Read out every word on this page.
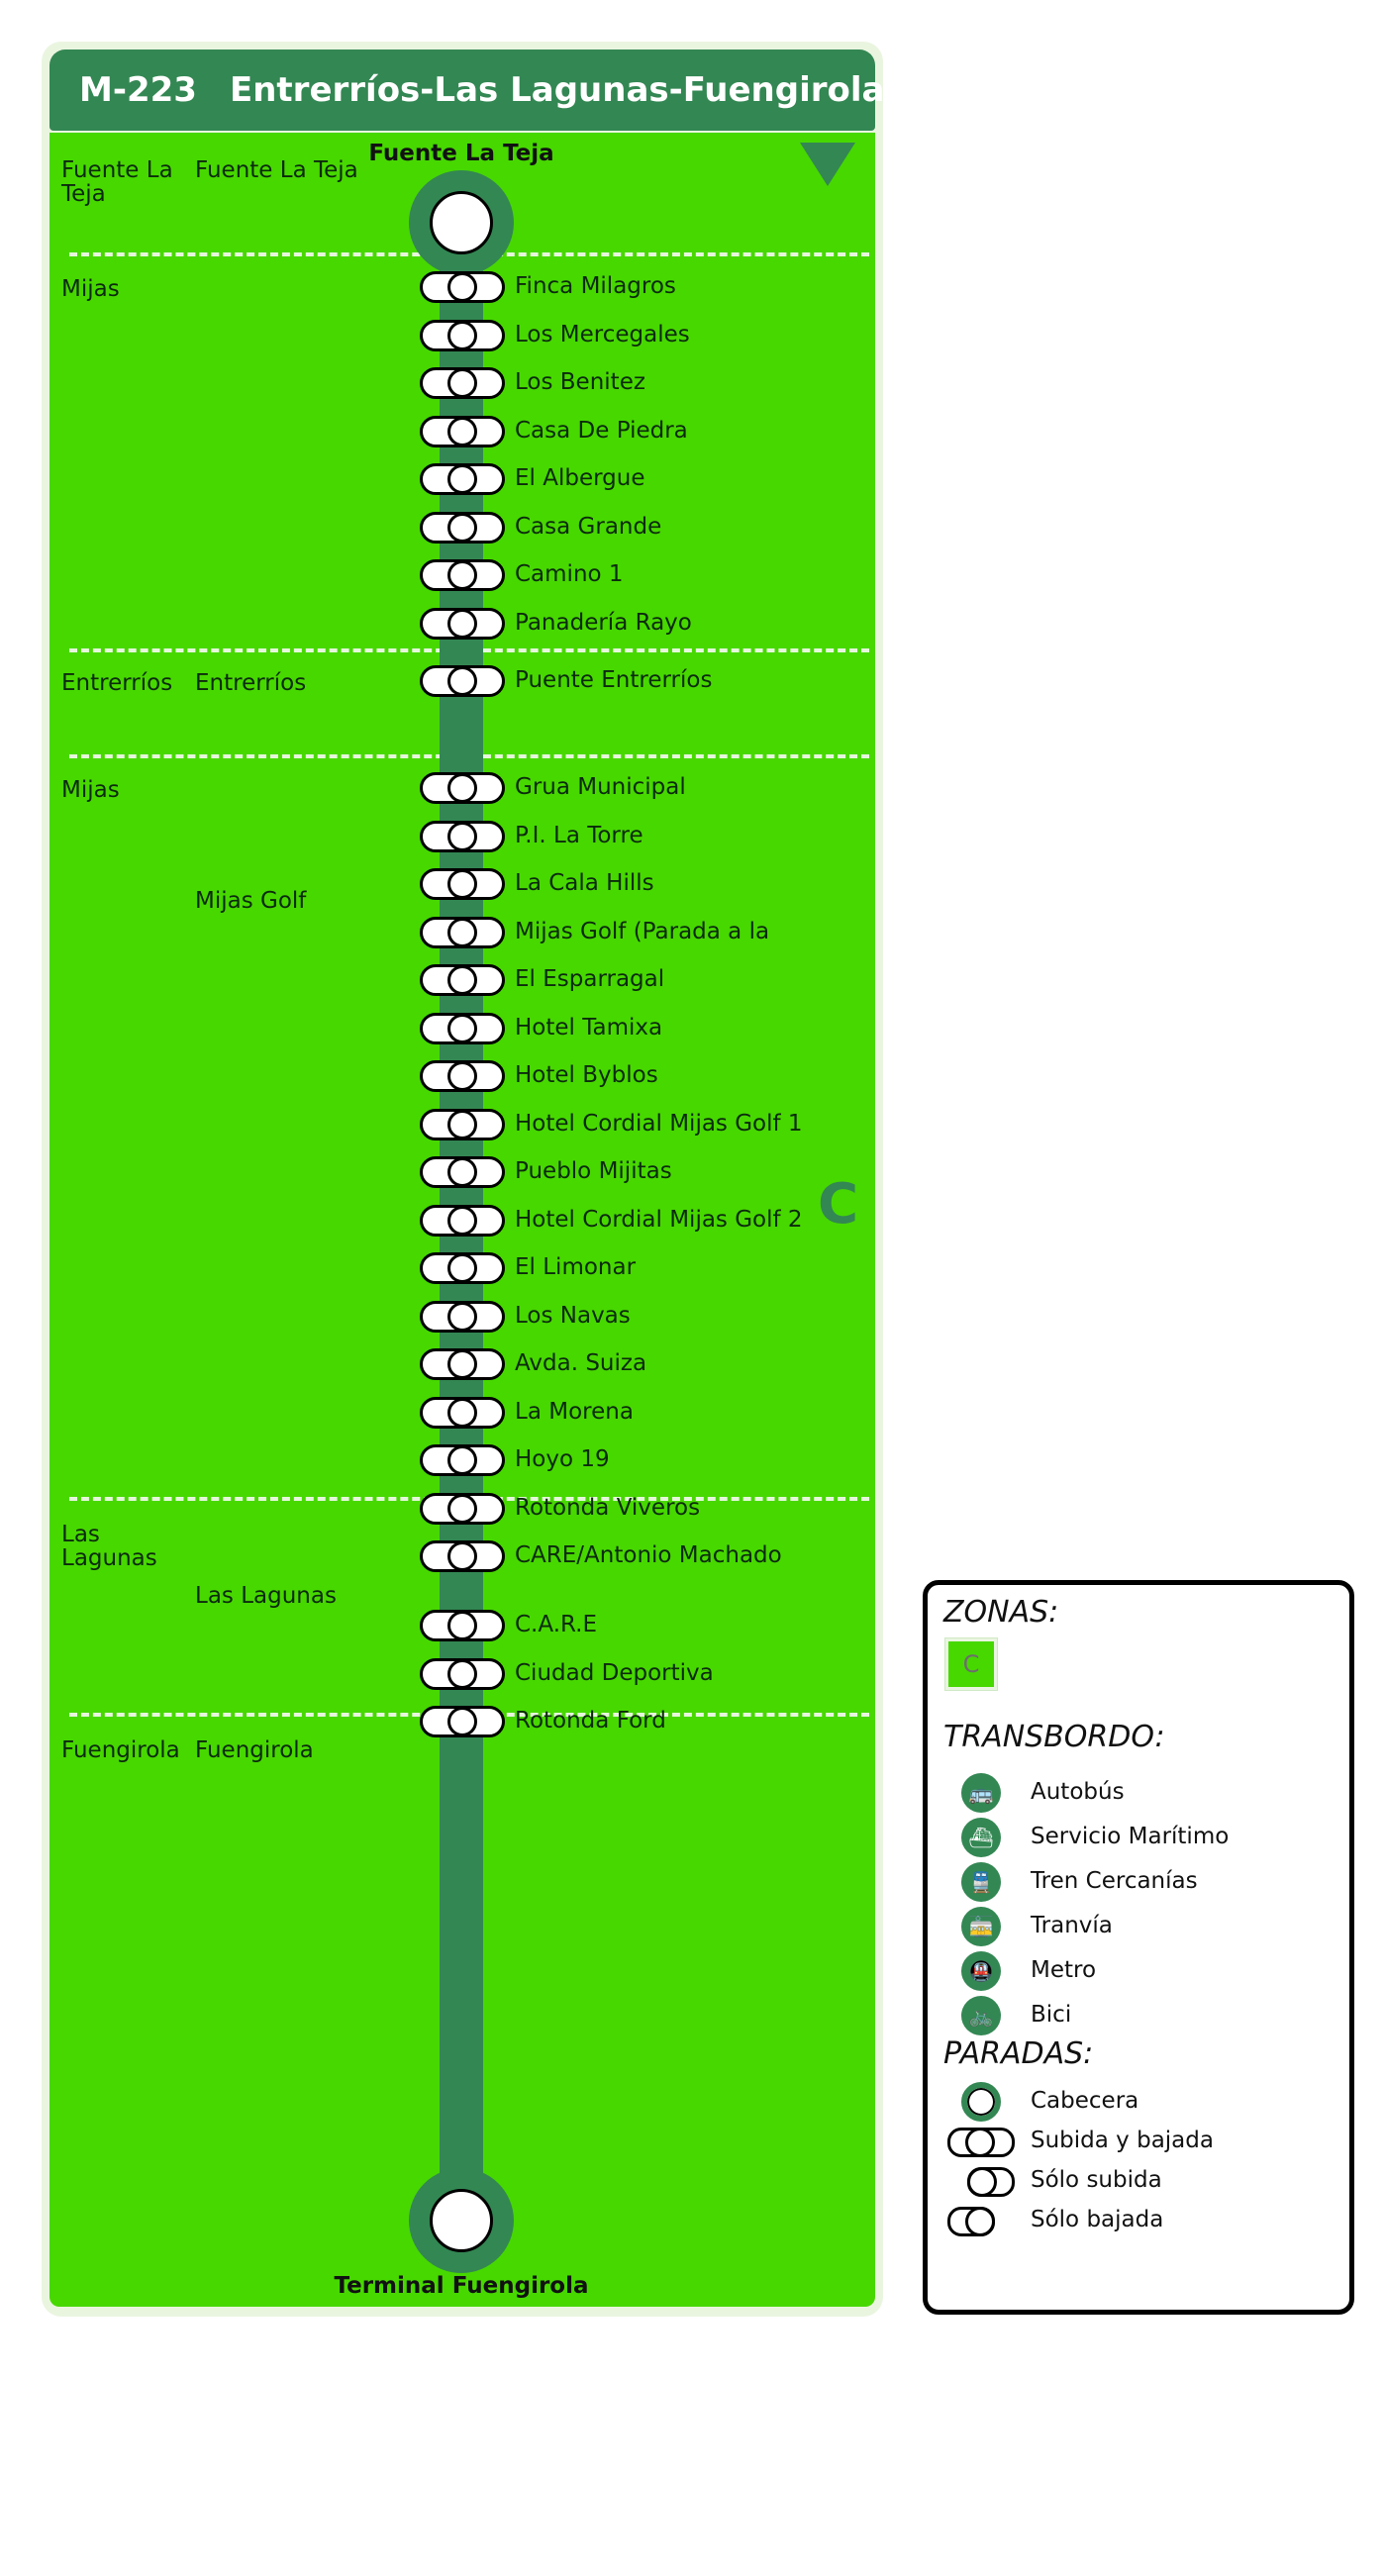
M-223 Entrerríos-Las Lagunas-Fuengirola
Fuente La Teja
Fuente La Teja
Mijas
Entrerríos Entrerríos
Mijas
Mijas Golf
Las Lagunas
Las Lagunas
Fuengirola Fuengirola
Fuente La Teja
Terminal Fuengirola
C
Finca Milagros
Los Mercegales
Los Benitez
Casa De Piedra
El Albergue
Casa Grande
Camino 1
Panadería Rayo
Puente Entrerríos
Grua Municipal
P.I. La Torre
La Cala Hills
Mijas Golf (Parada a la
El Esparragal
Hotel Tamixa
Hotel Byblos
Hotel Cordial Mijas Golf 1
Pueblo Mijitas
Hotel Cordial Mijas Golf 2
El Limonar
Los Navas
Avda. Suiza
La Morena
Hoyo 19
Rotonda Viveros
CARE/Antonio Machado
C.A.R.E
Ciudad Deportiva
Rotonda Ford
ZONAS:
C
TRANSBORDO:
🚌	Autobús
⛴	Servicio Marítimo
🚆	Tren Cercanías
🚋	Tranvía
🚇	Metro
🚲	Bici
PARADAS:
Cabecera
Subida y bajada
Sólo subida
Sólo bajada
